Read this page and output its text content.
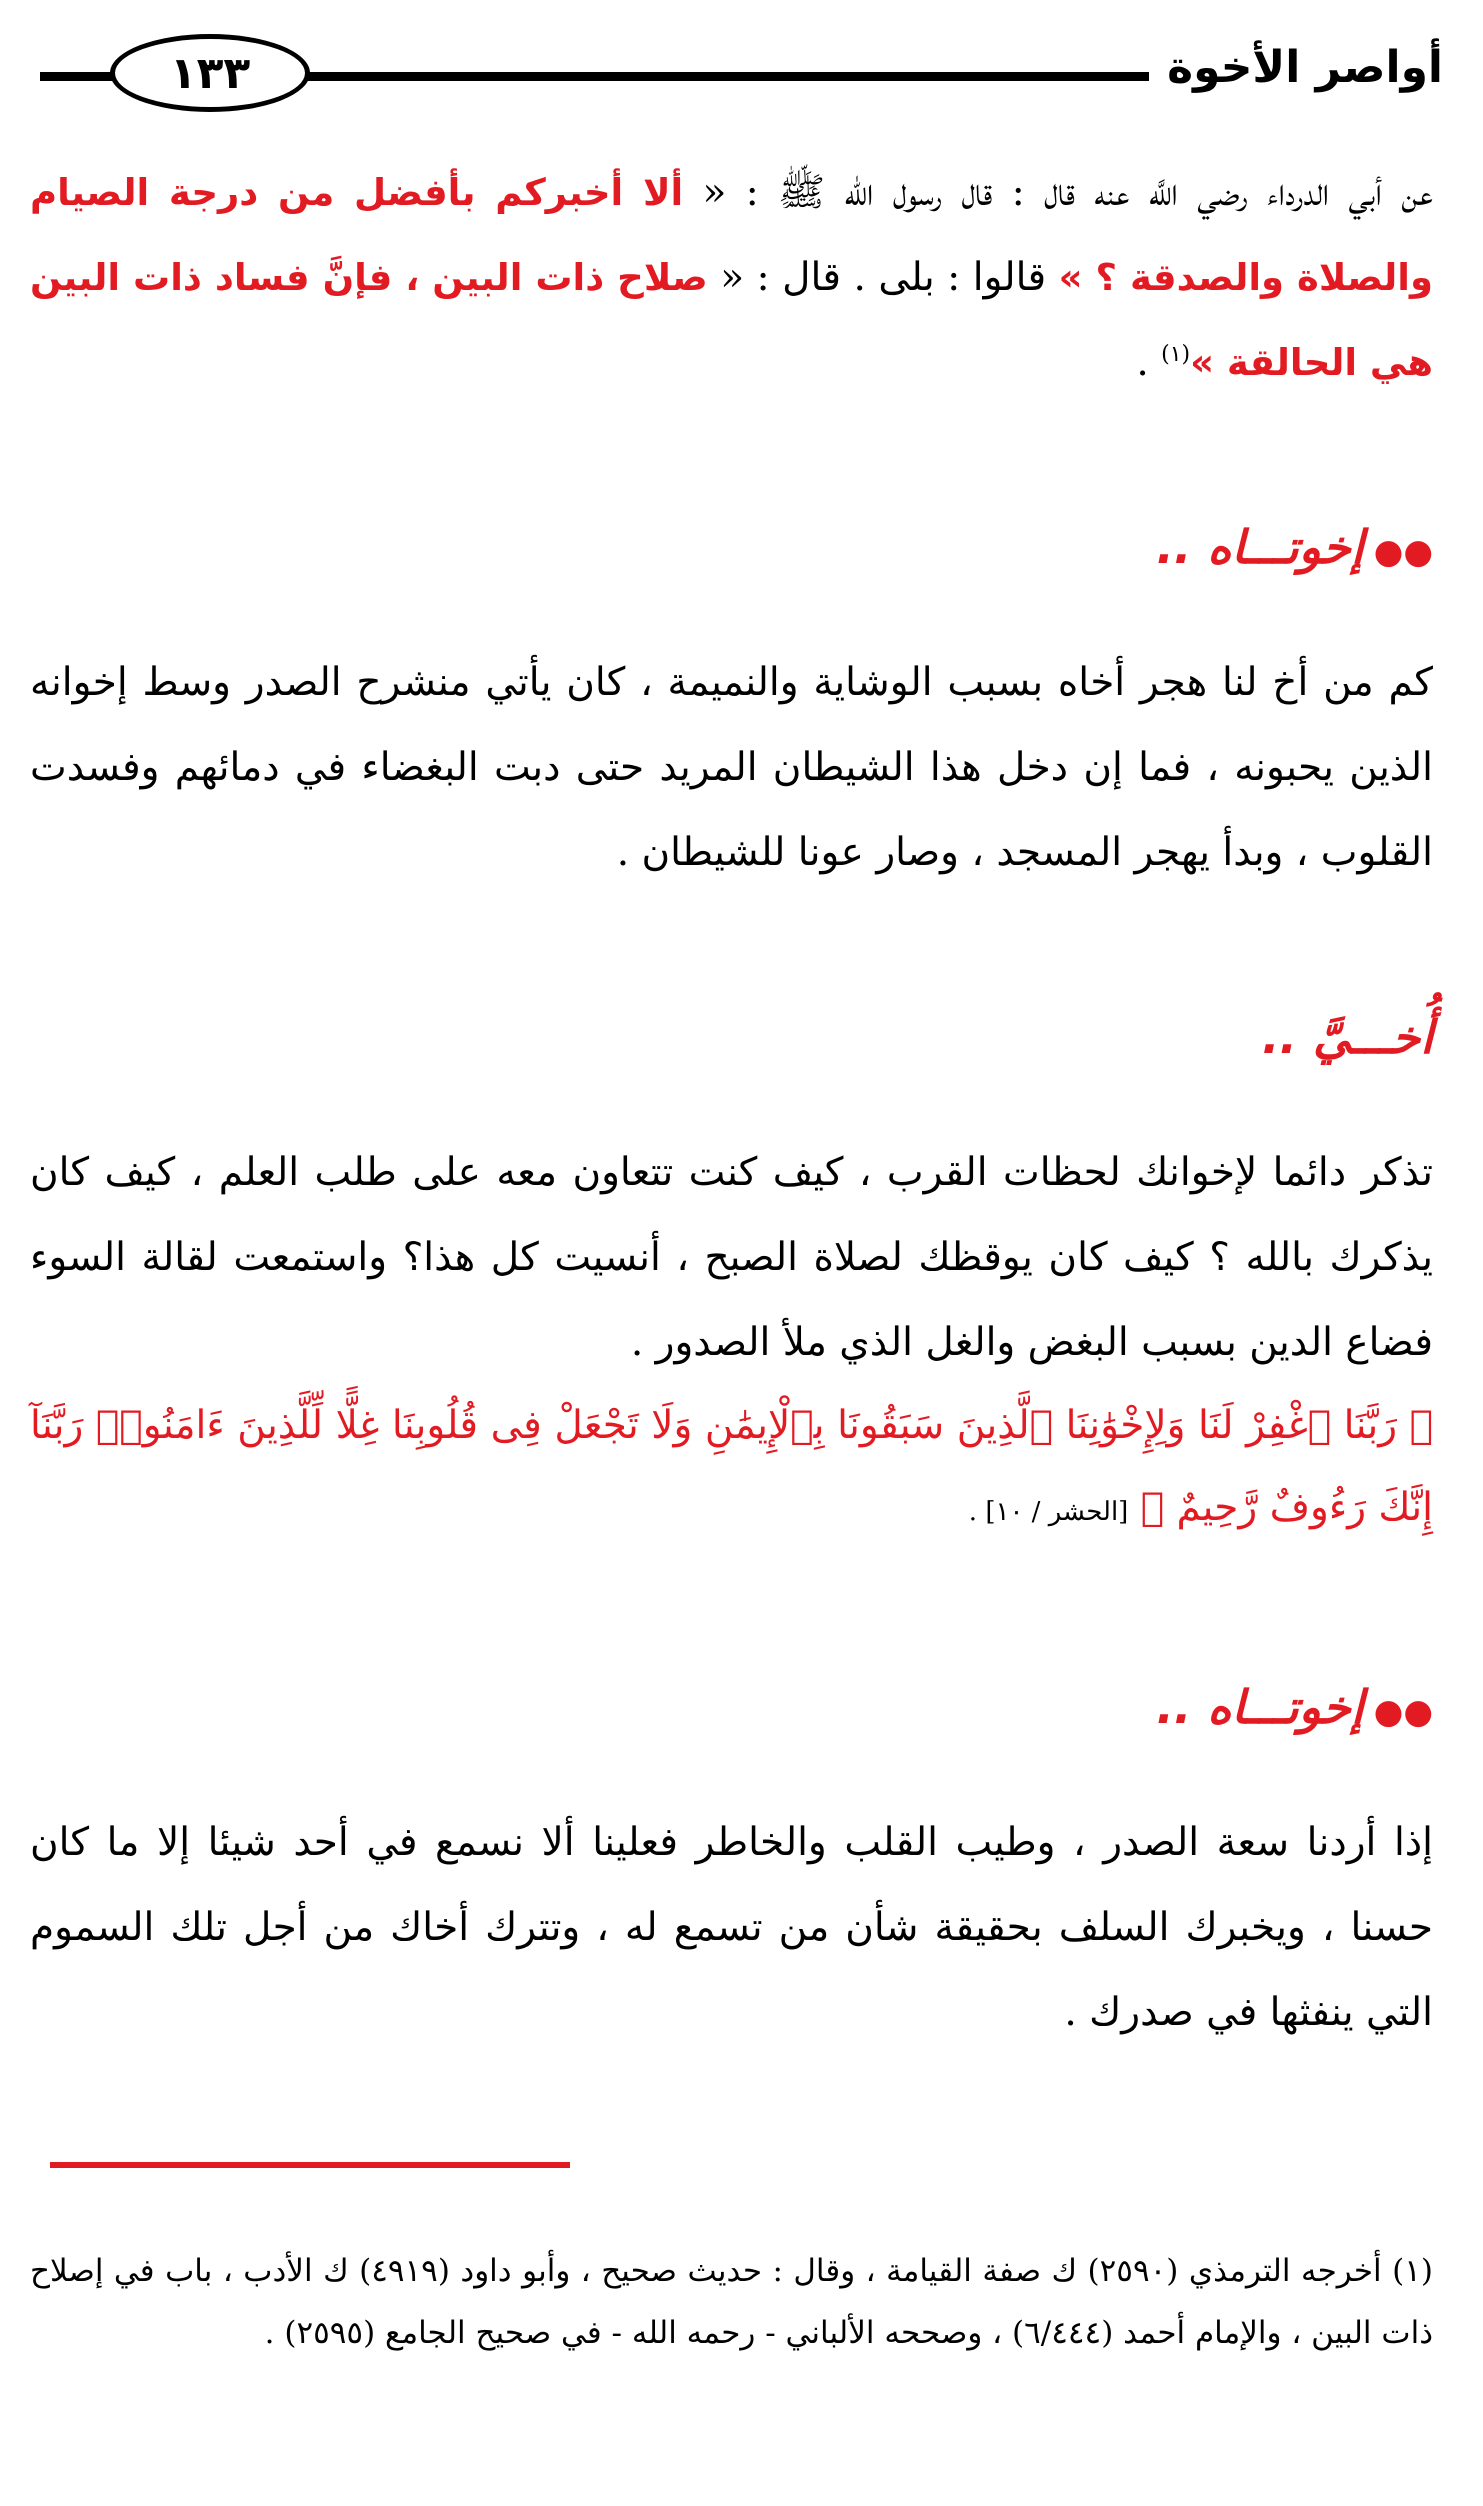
أواصر الأخوة
١٣٣

عن أبي الدرداء رضي اللَّه عنه قال : قال رسول الله ﷺ : « ألا أخبركم بأفضل من درجة الصيام والصلاة والصدقة ؟ » قالوا : بلى . قال : « صلاح ذات البين ، فإنَّ فساد ذات البين هي الحالقة »$^{(١)}$ .

●●إخوتـــاه ..

كم من أخ لنا هجر أخاه بسبب الوشاية والنميمة ، كان يأتي منشرح الصدر وسط إخوانه الذين يحبونه ، فما إن دخل هذا الشيطان المريد حتى دبت البغضاء في دمائهم وفسدت القلوب ، وبدأ يهجر المسجد ، وصار عونا للشيطان .

أُخـــيَّ ..

تذكر دائما لإخوانك لحظات القرب ، كيف كنت تتعاون معه على طلب العلم ، كيف كان يذكرك بالله ؟ كيف كان يوقظك لصلاة الصبح ، أنسيت كل هذا؟ واستمعت لقالة السوء فضاع الدين بسبب البغض والغل الذي ملأ الصدور .

﴿ رَبَّنَا ٱغْفِرْ لَنَا وَلِإِخْوَٰنِنَا ٱلَّذِينَ سَبَقُونَا بِٱلْإِيمَٰنِ وَلَا تَجْعَلْ فِى قُلُوبِنَا غِلًّا لِّلَّذِينَ ءَامَنُوا۟ رَبَّنَآ إِنَّكَ رَءُوفٌ رَّحِيمٌ ﴾ [الحشر / ١٠] .

●●إخوتـــاه ..

إذا أردنا سعة الصدر ، وطيب القلب والخاطر فعلينا ألا نسمع في أحد شيئا إلا ما كان حسنا ، ويخبرك السلف بحقيقة شأن من تسمع له ، وتترك أخاك من أجل تلك السموم التي ينفثها في صدرك .

(١) أخرجه الترمذي (٢٥٩٠) ك صفة القيامة ، وقال : حديث صحيح ، وأبو داود (٤٩١٩) ك الأدب ، باب في إصلاح ذات البين ، والإمام أحمد (٦/٤٤٤) ، وصححه الألباني - رحمه الله - في صحيح الجامع (٢٥٩٥) .
